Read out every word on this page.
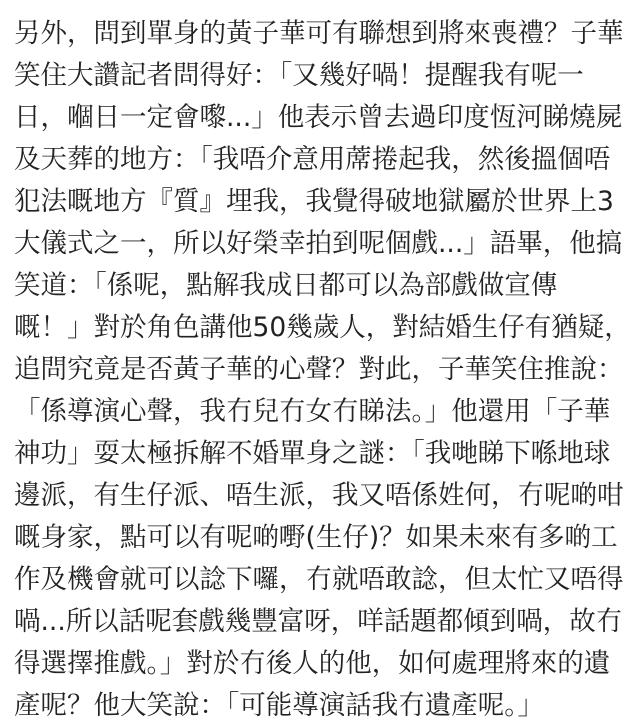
另外，問到單身的黃子華可有聯想到將來喪禮？子華
笑住大讚記者問得好：「又幾好喎！提醒我有呢一
日，嗰日一定會嚟...」他表示曾去過印度恆河睇燒屍
及天葬的地方：「我唔介意用蓆捲起我，然後搵個唔
犯法嘅地方『質』埋我，我覺得破地獄屬於世界上3
大儀式之一，所以好榮幸拍到呢個戲...」語畢，他搞
笑道：「係呢，點解我成日都可以為部戲做宣傳
嘅！」對於角色講他50幾歲人，對結婚生仔有猶疑，
追問究竟是否黃子華的心聲？對此，子華笑住推說：
「係導演心聲，我冇兒冇女冇睇法。」他還用「子華
神功」耍太極拆解不婚單身之謎：「我哋睇下喺地球
邊派，有生仔派、唔生派，我又唔係姓何，冇呢啲咁
嘅身家，點可以有呢啲嘢(生仔)？如果未來有多啲工
作及機會就可以諗下囉，冇就唔敢諗，但太忙又唔得
喎...所以話呢套戲幾豐富呀，咩話題都傾到喎，故冇
得選擇推戲。」對於冇後人的他，如何處理將來的遺
產呢？他大笑說：「可能導演話我冇遺產呢。」
